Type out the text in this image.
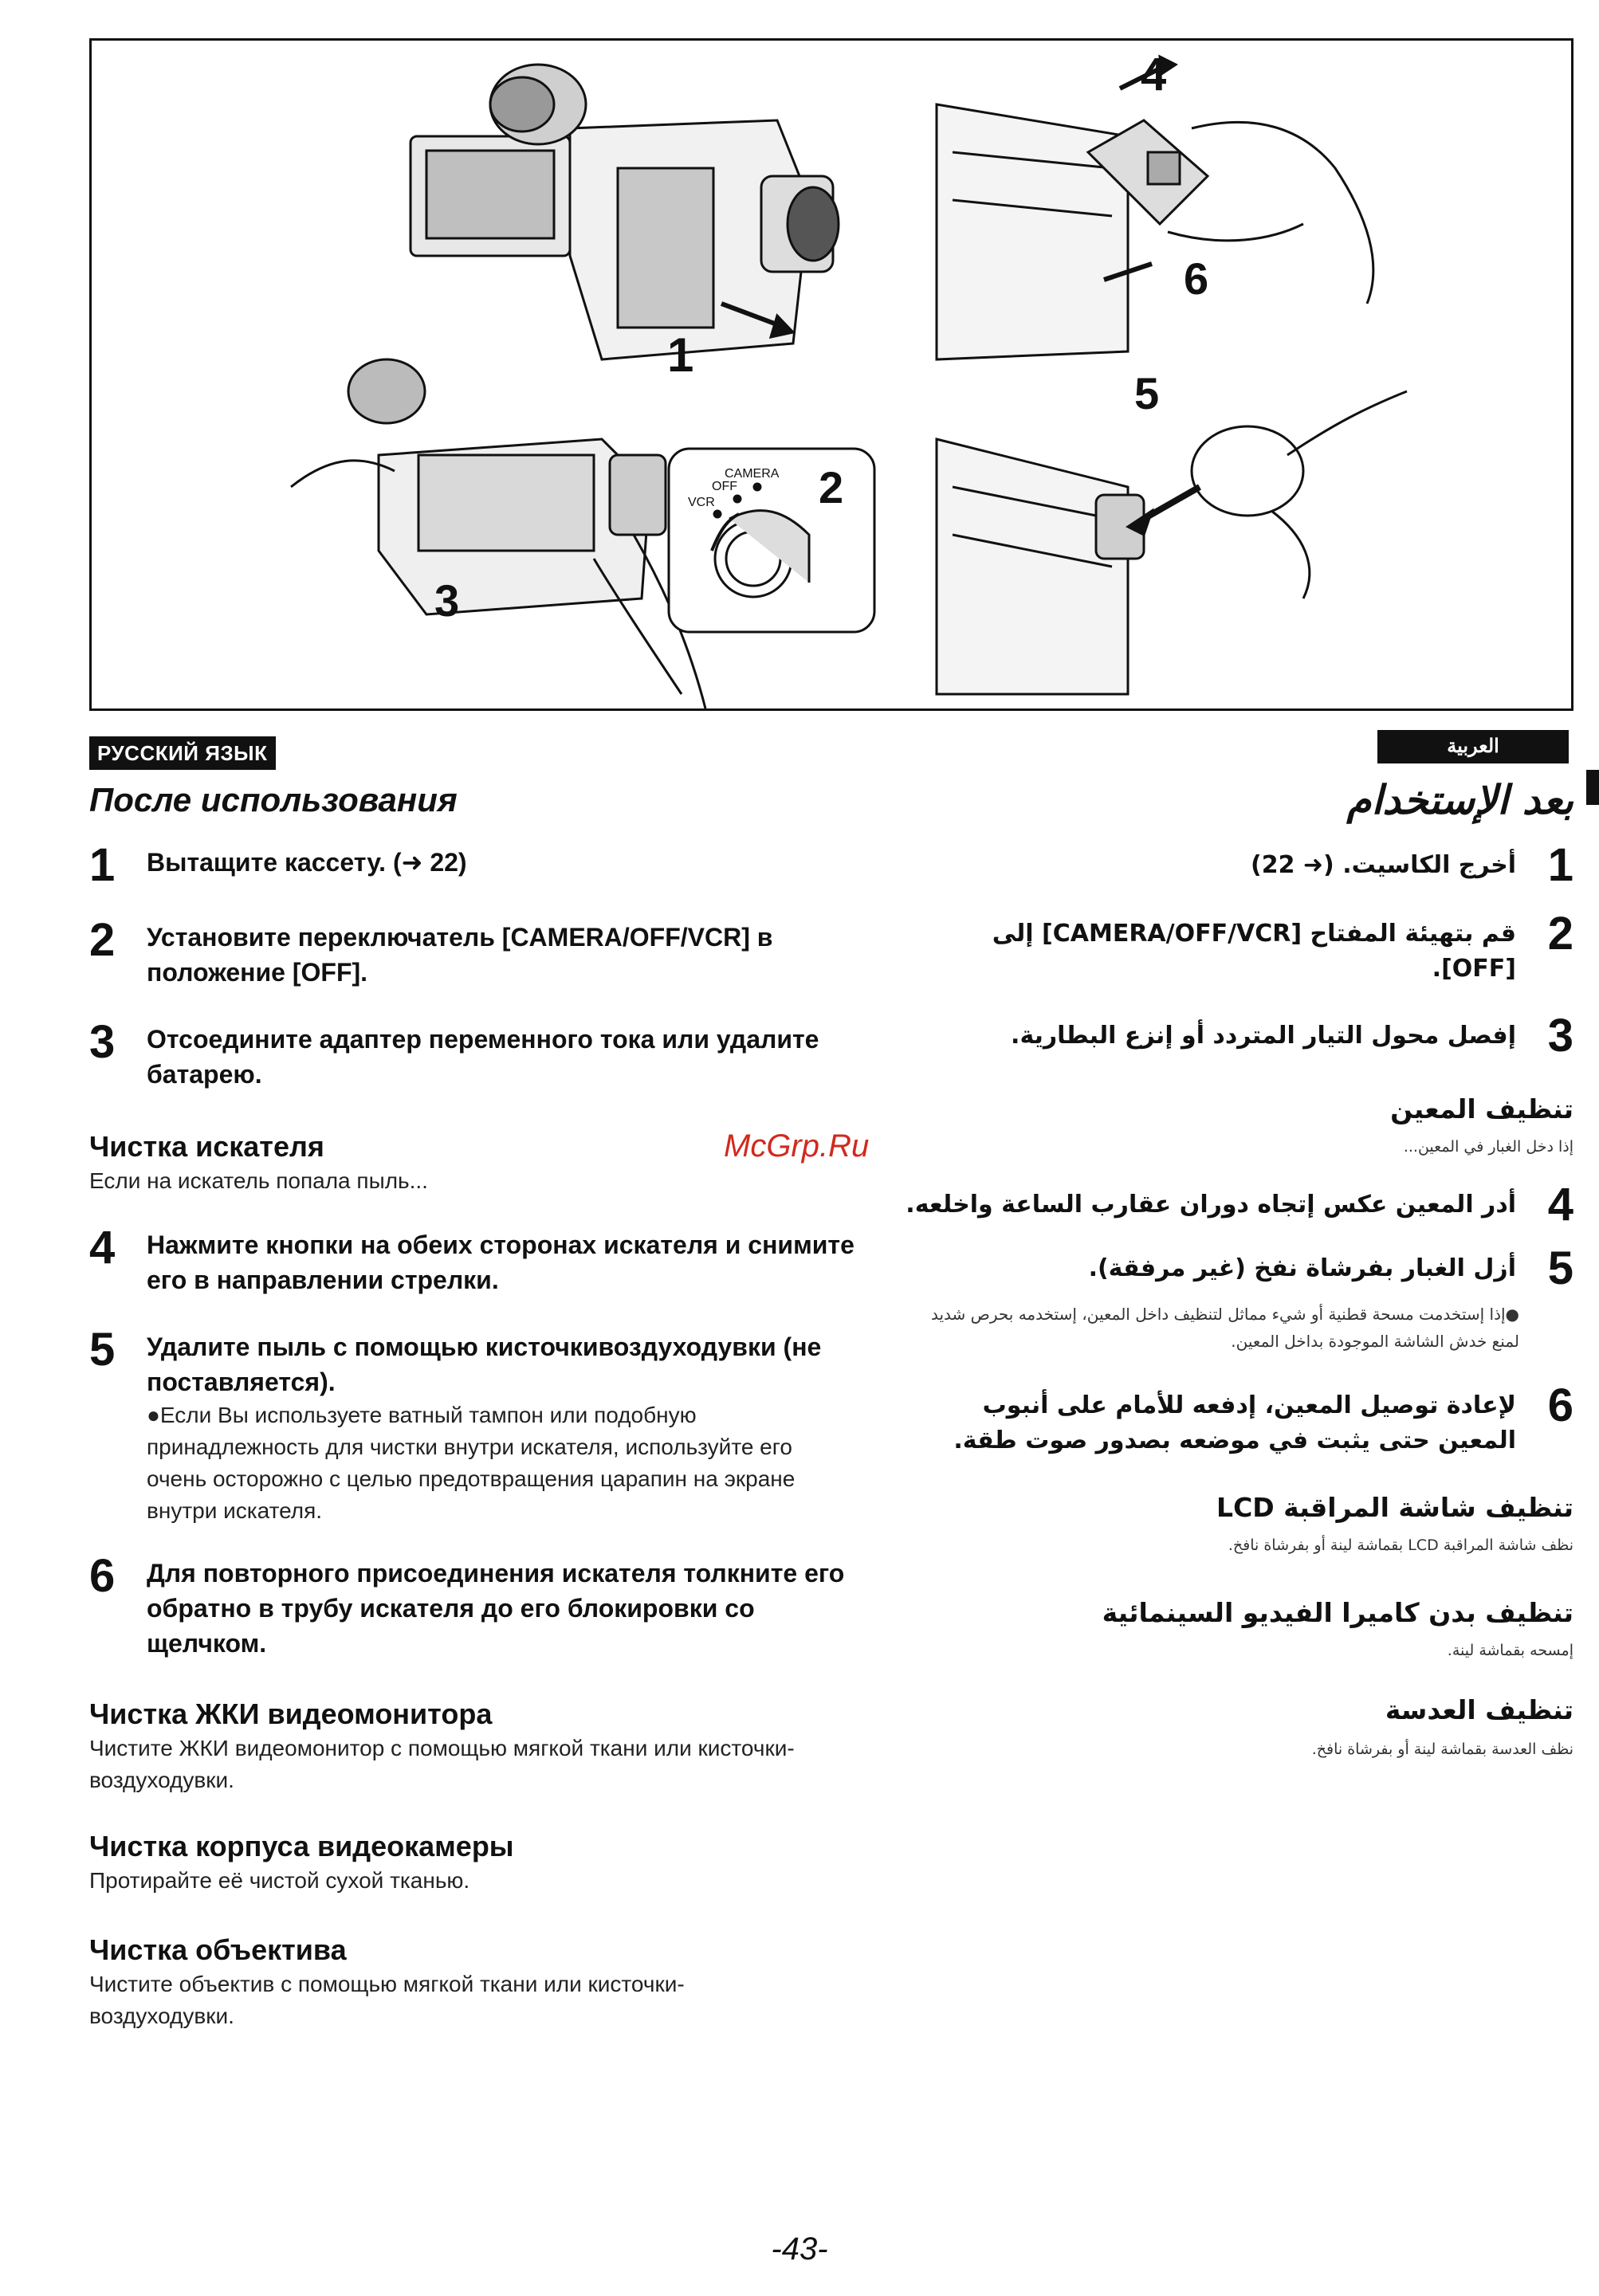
1
2
3
4
5
6
CAMERA
OFF
VCR
РУССКИЙ ЯЗЫК	العربية
После использования	بعد الإستخدام
1 Вытащите кассету. (➜ 22)
2 Установите переключатель [CAMERA/OFF/VCR] в положение [OFF].
3 Отсоедините адаптер переменного тока или удалите батарею.
Чистка искателя
Если на искатель попала пыль...
4 Нажмите кнопки на обеих сторонах искателя и снимите его в направлении стрелки.
5 Удалите пыль с помощью кисточкивоздуходувки (не поставляется).
●Если Вы используете ватный тампон или подобную принадлежность для чистки внутри искателя, используйте его очень осторожно с целью предотвращения царапин на экране внутри искателя.
6 Для повторного присоединения искателя толкните его обратно в трубу искателя до его блокировки со щелчком.
Чистка ЖКИ видеомонитора
Чистите ЖКИ видеомонитор с помощью мягкой ткани или кисточки-воздуходувки.
Чистка корпуса видеокамеры
Протирайте её чистой сухой тканью.
Чистка объектива
Чистите объектив с помощью мягкой ткани или кисточки-воздуходувки.
McGrp.Ru
1
أخرج الكاسيت. (➜ 22)
2
قم بتهيئة المفتاح [CAMERA/OFF/VCR] إلى [OFF].
3
إفصل محول التيار المتردد أو إنزع البطارية.
تنظيف المعين
إذا دخل الغبار في المعين...
4
أدر المعين عكس إتجاه دوران عقارب الساعة واخلعه.
5
أزل الغبار بفرشاة نفخ (غير مرفقة).
●إذا إستخدمت مسحة قطنية أو شيء مماثل لتنظيف داخل المعين، إستخدمه بحرص شديد لمنع خدش الشاشة الموجودة بداخل المعين.
6
لإعادة توصيل المعين، إدفعه للأمام على أنبوب المعين حتى يثبت في موضعه بصدور صوت طقة.
تنظيف شاشة المراقبة LCD
نظف شاشة المراقبة LCD بقماشة لينة أو بفرشاة نافخ.
تنظيف بدن كاميرا الفيديو السينمائية
إمسحه بقماشة لينة.
تنظيف العدسة
نظف العدسة بقماشة لينة أو بفرشاة نافخ.
-43-
